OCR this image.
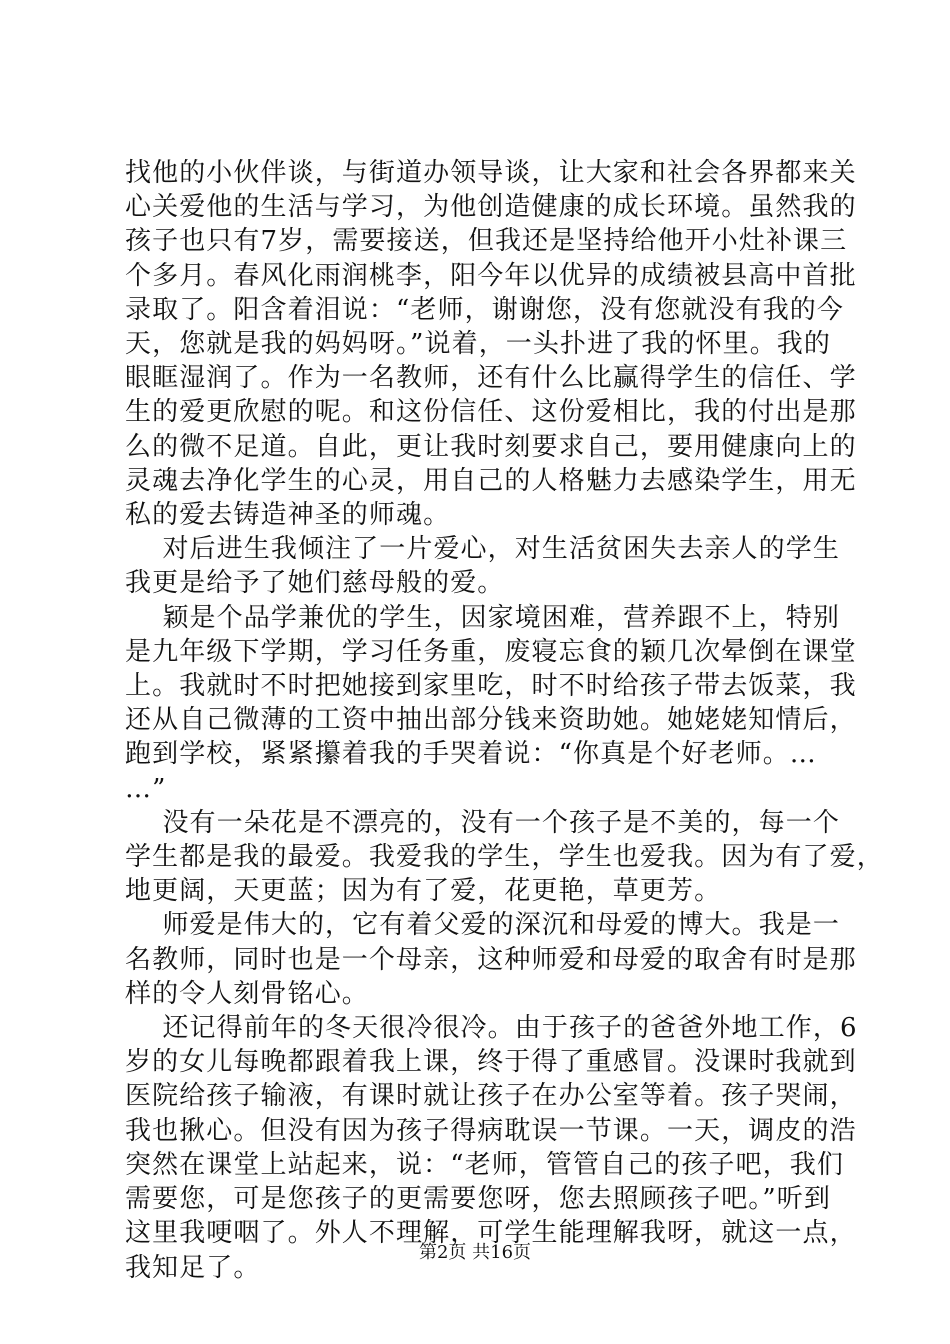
找他的小伙伴谈，与街道办领导谈，让大家和社会各界都来关
心关爱他的生活与学习，为他创造健康的成长环境。虽然我的
孩子也只有7岁，需要接送，但我还是坚持给他开小灶补课三
个多月。春风化雨润桃李，阳今年以优异的成绩被县高中首批
录取了。阳含着泪说：“老师，谢谢您，没有您就没有我的今
天，您就是我的妈妈呀。”说着，一头扑进了我的怀里。我的
眼眶湿润了。作为一名教师，还有什么比赢得学生的信任、学
生的爱更欣慰的呢。和这份信任、这份爱相比，我的付出是那
么的微不足道。自此，更让我时刻要求自己，要用健康向上的
灵魂去净化学生的心灵，用自己的人格魅力去感染学生，用无
私的爱去铸造神圣的师魂。
对后进生我倾注了一片爱心，对生活贫困失去亲人的学生
我更是给予了她们慈母般的爱。
颖是个品学兼优的学生，因家境困难，营养跟不上，特别
是九年级下学期，学习任务重，废寝忘食的颖几次晕倒在课堂
上。我就时不时把她接到家里吃，时不时给孩子带去饭菜，我
还从自己微薄的工资中抽出部分钱来资助她。她姥姥知情后，
跑到学校，紧紧攥着我的手哭着说：“你真是个好老师。…
…”
没有一朵花是不漂亮的，没有一个孩子是不美的，每一个
学生都是我的最爱。我爱我的学生，学生也爱我。因为有了爱，
地更阔，天更蓝；因为有了爱，花更艳，草更芳。
师爱是伟大的，它有着父爱的深沉和母爱的博大。我是一
名教师，同时也是一个母亲，这种师爱和母爱的取舍有时是那
样的令人刻骨铭心。
还记得前年的冬天很冷很冷。由于孩子的爸爸外地工作，6
岁的女儿每晚都跟着我上课，终于得了重感冒。没课时我就到
医院给孩子输液，有课时就让孩子在办公室等着。孩子哭闹，
我也揪心。但没有因为孩子得病耽误一节课。一天，调皮的浩
突然在课堂上站起来，说：“老师，管管自己的孩子吧，我们
需要您，可是您孩子的更需要您呀，您去照顾孩子吧。”听到
这里我哽咽了。外人不理解，可学生能理解我呀，就这一点，
我知足了。	第2页 共16页
